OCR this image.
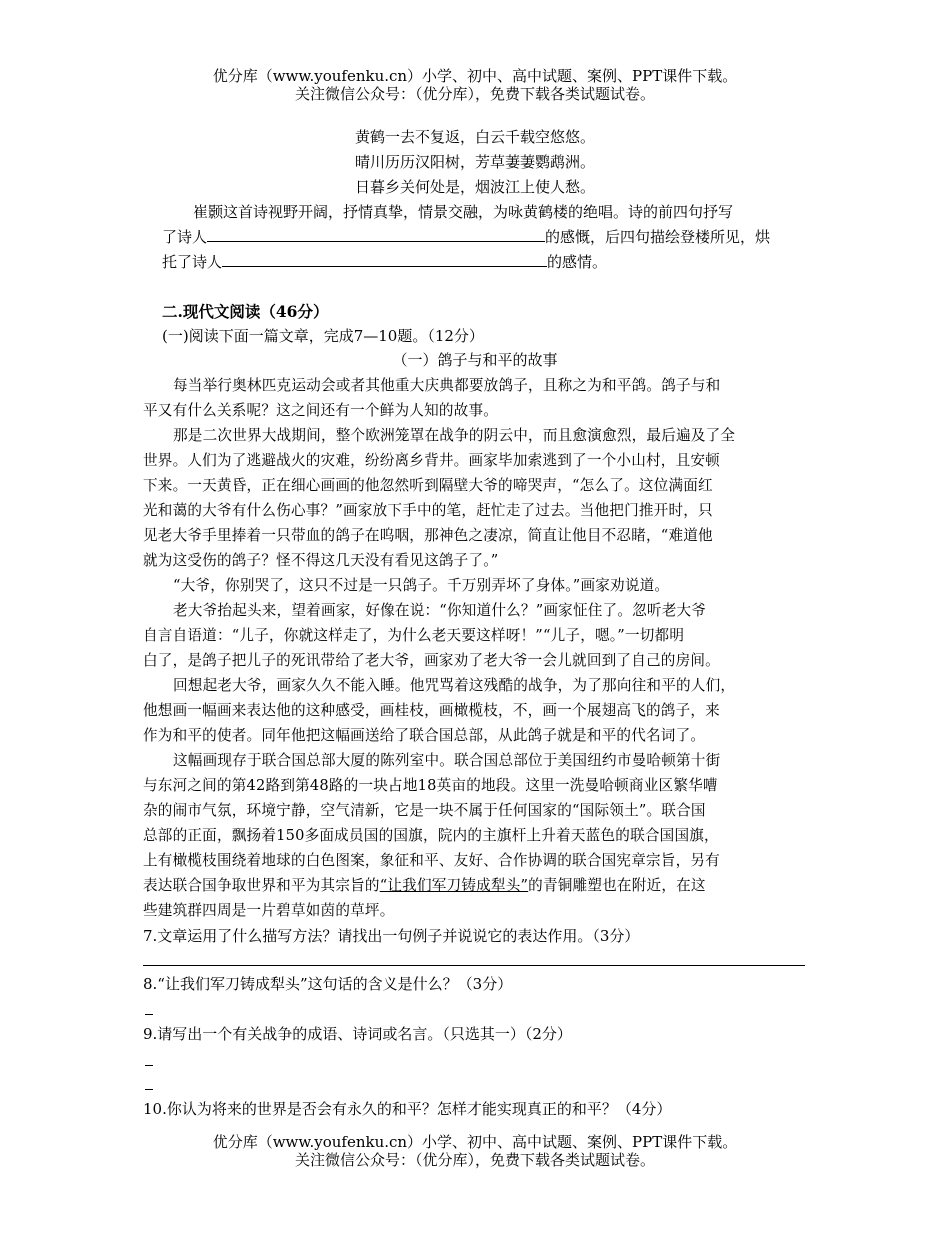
优分库（www.youfenku.cn）小学、初中、高中试题、案例、PPT课件下载。
关注微信公众号：（优分库），免费下载各类试题试卷。
黄鹤一去不复返，白云千载空悠悠。
晴川历历汉阳树，芳草萋萋鹦鹉洲。
日暮乡关何处是，烟波江上使人愁。
崔颢这首诗视野开阔，抒情真挚，情景交融，为咏黄鹤楼的绝唱。诗的前四句抒写
了诗人	的感慨，后四句描绘登楼所见，烘
托了诗人	的感情。
二.现代文阅读（46分）
(一)阅读下面一篇文章，完成7—10题。（12分）
（一）鸽子与和平的故事
每当举行奥林匹克运动会或者其他重大庆典都要放鸽子，且称之为和平鸽。鸽子与和
平又有什么关系呢？这之间还有一个鲜为人知的故事。
那是二次世界大战期间，整个欧洲笼罩在战争的阴云中，而且愈演愈烈，最后遍及了全
世界。人们为了逃避战火的灾难，纷纷离乡背井。画家毕加索逃到了一个小山村，且安顿
下来。一天黄昏，正在细心画画的他忽然听到隔壁大爷的啼哭声，“怎么了。这位满面红
光和蔼的大爷有什么伤心事？”画家放下手中的笔，赶忙走了过去。当他把门推开时，只
见老大爷手里捧着一只带血的鸽子在呜咽，那神色之凄凉，简直让他目不忍睹，“难道他
就为这受伤的鸽子？怪不得这几天没有看见这鸽子了。”
“大爷，你别哭了，这只不过是一只鸽子。千万别弄坏了身体。”画家劝说道。
老大爷抬起头来，望着画家，好像在说：“你知道什么？”画家怔住了。忽听老大爷
自言自语道：“儿子，你就这样走了，为什么老天要这样呀！”“儿子，嗯。”一切都明
白了，是鸽子把儿子的死讯带给了老大爷，画家劝了老大爷一会儿就回到了自己的房间。
回想起老大爷，画家久久不能入睡。他咒骂着这残酷的战争，为了那向往和平的人们，
他想画一幅画来表达他的这种感受，画桂枝，画橄榄枝，不，画一个展翅高飞的鸽子，来
作为和平的使者。同年他把这幅画送给了联合国总部，从此鸽子就是和平的代名词了。
这幅画现存于联合国总部大厦的陈列室中。联合国总部位于美国纽约市曼哈顿第十街
与东河之间的第42路到第48路的一块占地18英亩的地段。这里一洗曼哈顿商业区繁华嘈
杂的闹市气氛，环境宁静，空气清新，它是一块不属于任何国家的“国际领土”。联合国
总部的正面，飘扬着150多面成员国的国旗，院内的主旗杆上升着天蓝色的联合国国旗，
上有橄榄枝围绕着地球的白色图案，象征和平、友好、合作协调的联合国宪章宗旨，另有
表达联合国争取世界和平为其宗旨的“让我们军刀铸成犁头”的青铜雕塑也在附近，在这
些建筑群四周是一片碧草如茵的草坪。
7.文章运用了什么描写方法？请找出一句例子并说说它的表达作用。（3分）
8.“让我们军刀铸成犁头”这句话的含义是什么？（3分）
9.请写出一个有关战争的成语、诗词或名言。（只选其一）（2分）
10.你认为将来的世界是否会有永久的和平？怎样才能实现真正的和平？（4分）
优分库（www.youfenku.cn）小学、初中、高中试题、案例、PPT课件下载。
关注微信公众号：（优分库），免费下载各类试题试卷。
